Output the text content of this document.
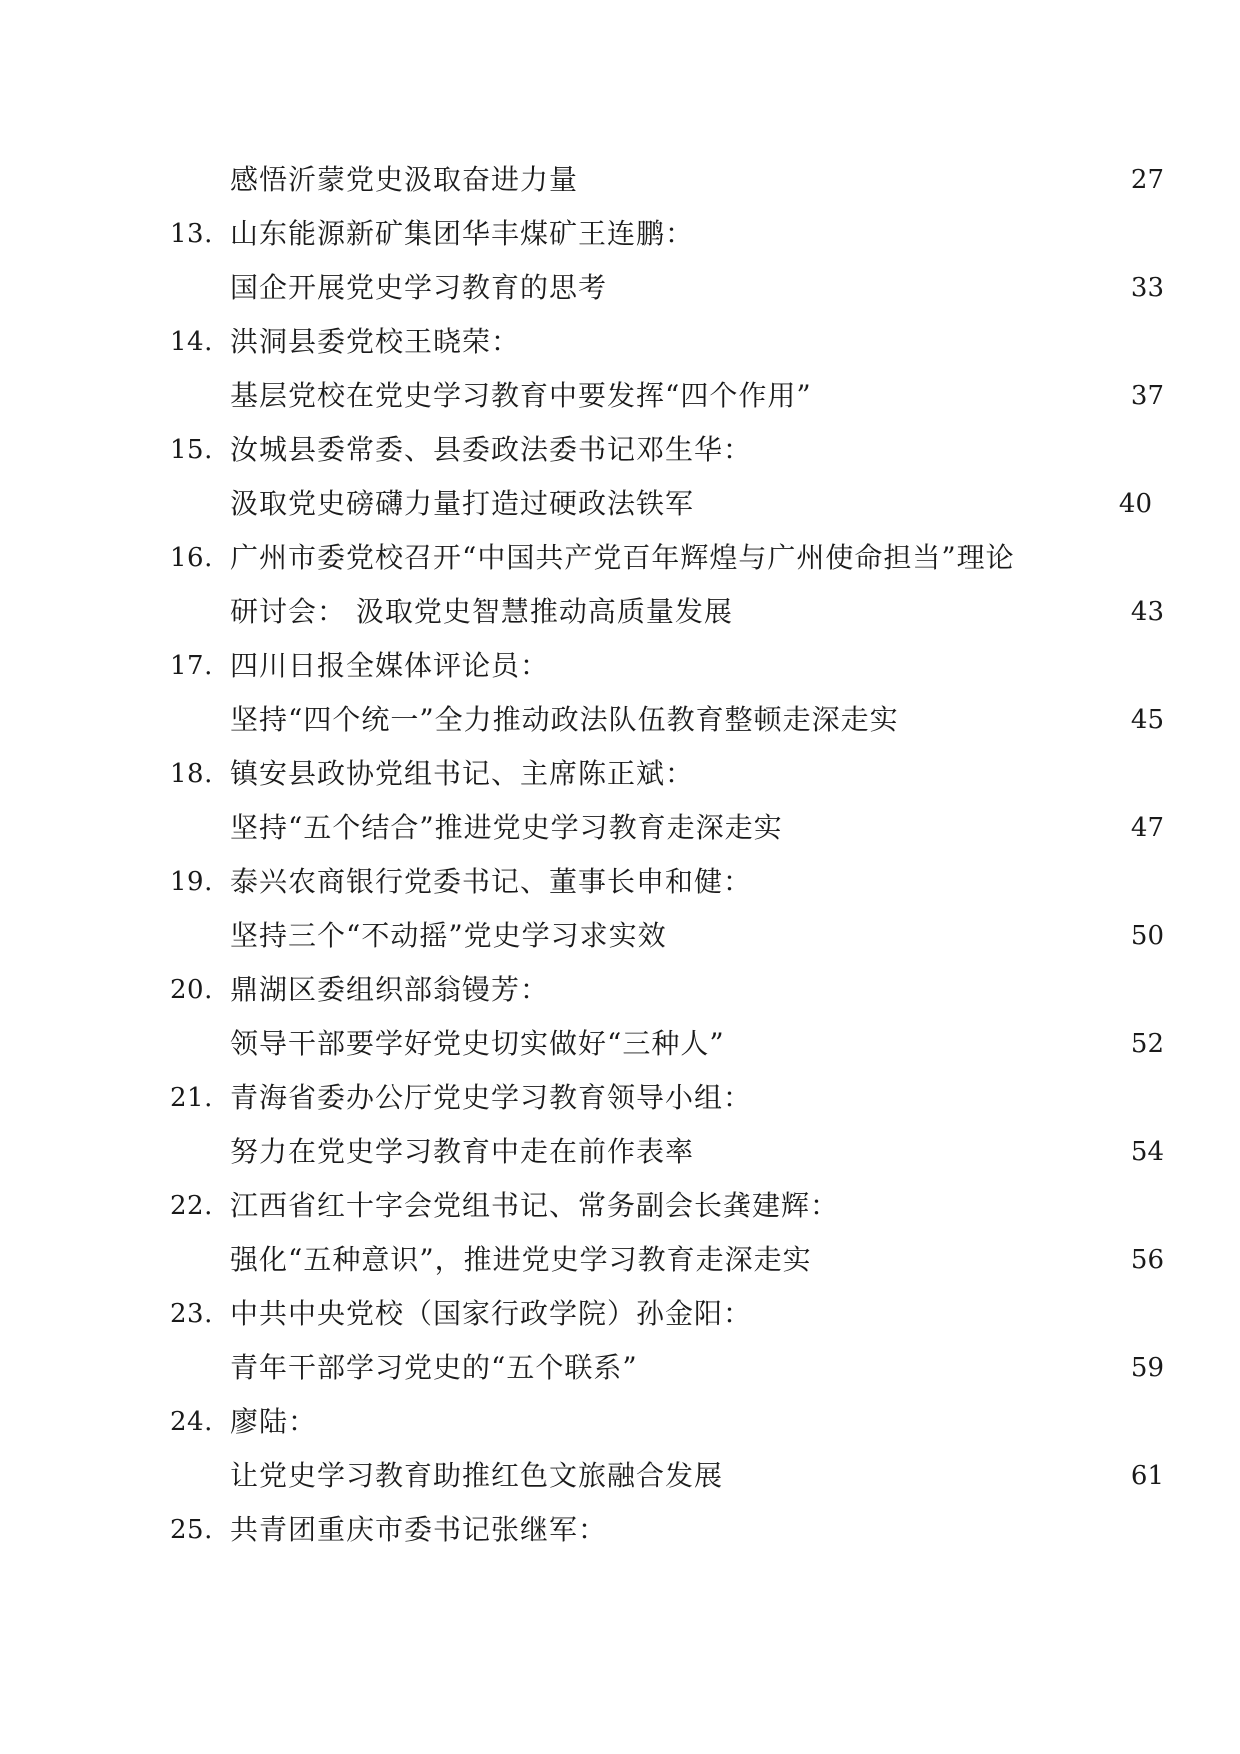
感悟沂蒙党史汲取奋进力量	27
13. 山东能源新矿集团华丰煤矿王连鹏：
国企开展党史学习教育的思考	33
14. 洪洞县委党校王晓荣：
基层党校在党史学习教育中要发挥“四个作用”	37
15. 汝城县委常委、县委政法委书记邓生华：
汲取党史磅礴力量打造过硬政法铁军	40
16. 广州市委党校召开“中国共产党百年辉煌与广州使命担当”理论
研讨会： 汲取党史智慧推动高质量发展	43
17. 四川日报全媒体评论员：
坚持“四个统一”全力推动政法队伍教育整顿走深走实	45
18. 镇安县政协党组书记、主席陈正斌：
坚持“五个结合”推进党史学习教育走深走实	47
19. 泰兴农商银行党委书记、董事长申和健：
坚持三个“不动摇”党史学习求实效	50
20. 鼎湖区委组织部翁镘芳：
领导干部要学好党史切实做好“三种人”	52
21. 青海省委办公厅党史学习教育领导小组：
努力在党史学习教育中走在前作表率	54
22. 江西省红十字会党组书记、常务副会长龚建辉：
强化“五种意识”，推进党史学习教育走深走实	56
23. 中共中央党校（国家行政学院）孙金阳：
青年干部学习党史的“五个联系”	59
24. 廖陆：
让党史学习教育助推红色文旅融合发展	61
25. 共青团重庆市委书记张继军：
